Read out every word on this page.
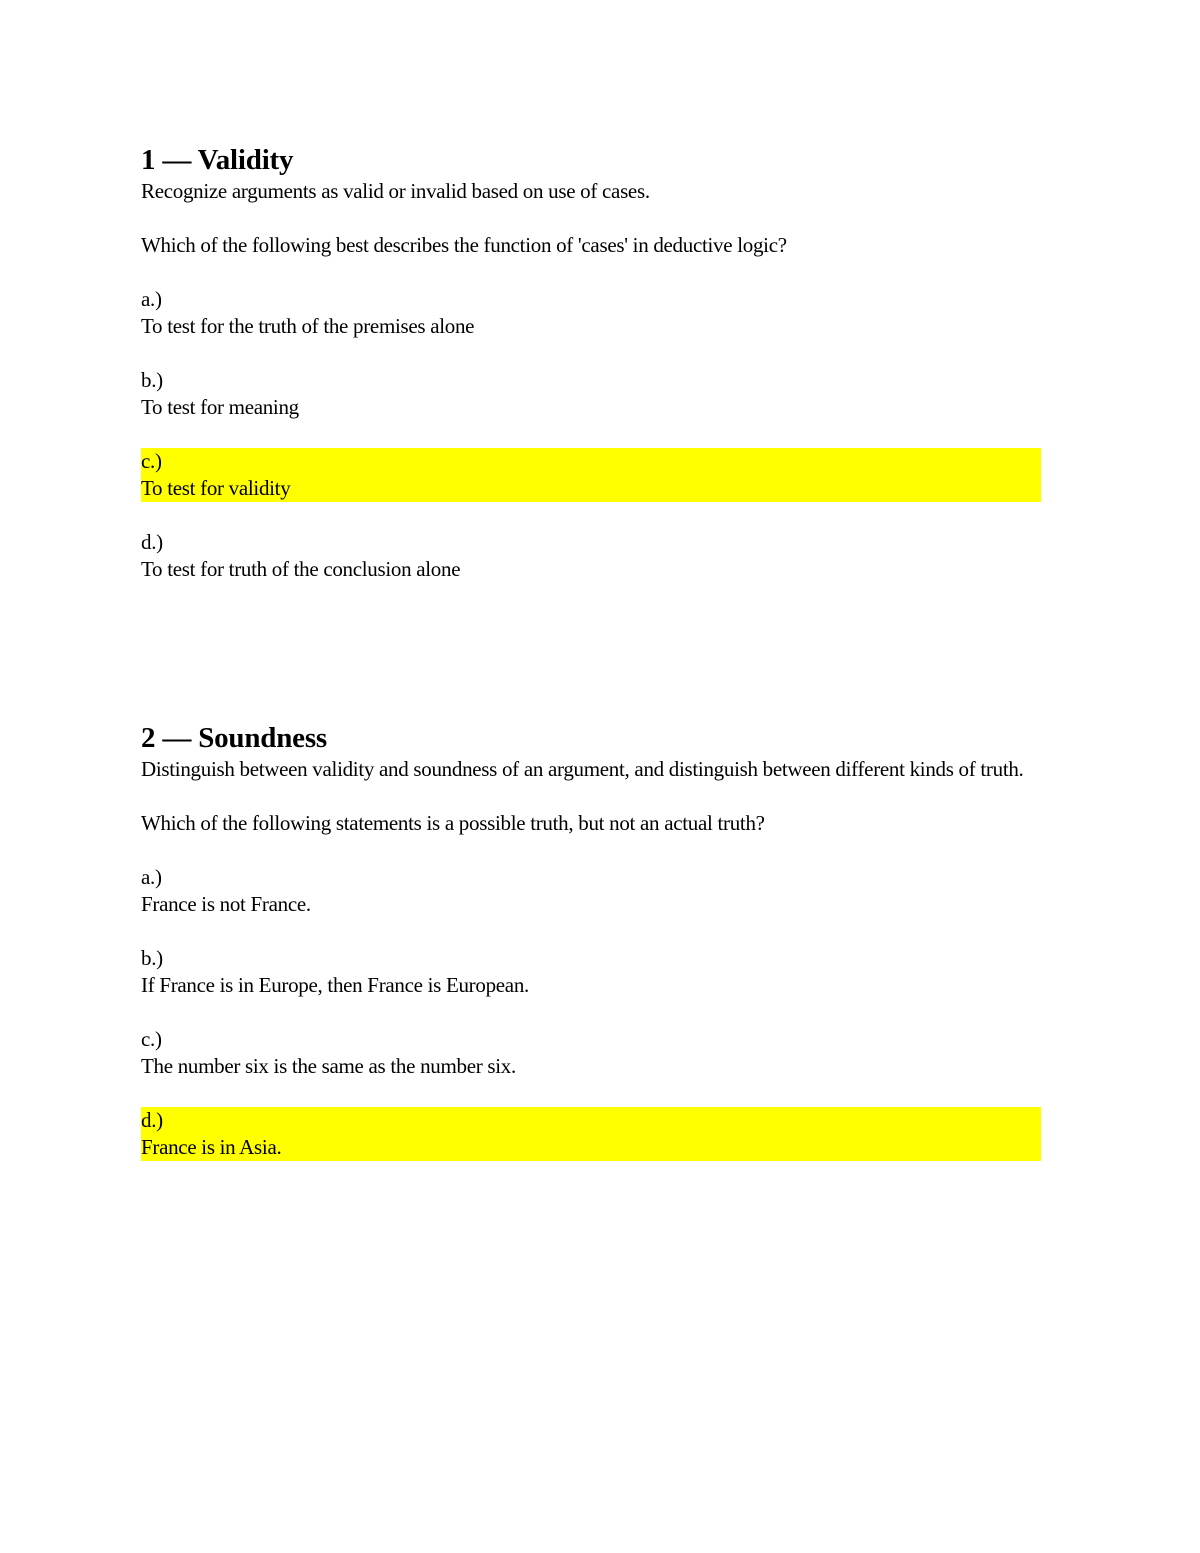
1 — Validity

Recognize arguments as valid or invalid based on use of cases.

Which of the following best describes the function of 'cases' in deductive logic?

a.)
To test for the truth of the premises alone
b.)
To test for meaning
c.)
To test for validity
d.)
To test for truth of the conclusion alone
2 — Soundness

Distinguish between validity and soundness of an argument, and distinguish between different kinds of truth.

Which of the following statements is a possible truth, but not an actual truth?

a.)
France is not France.
b.)
If France is in Europe, then France is European.
c.)
The number six is the same as the number six.
d.)
France is in Asia.
